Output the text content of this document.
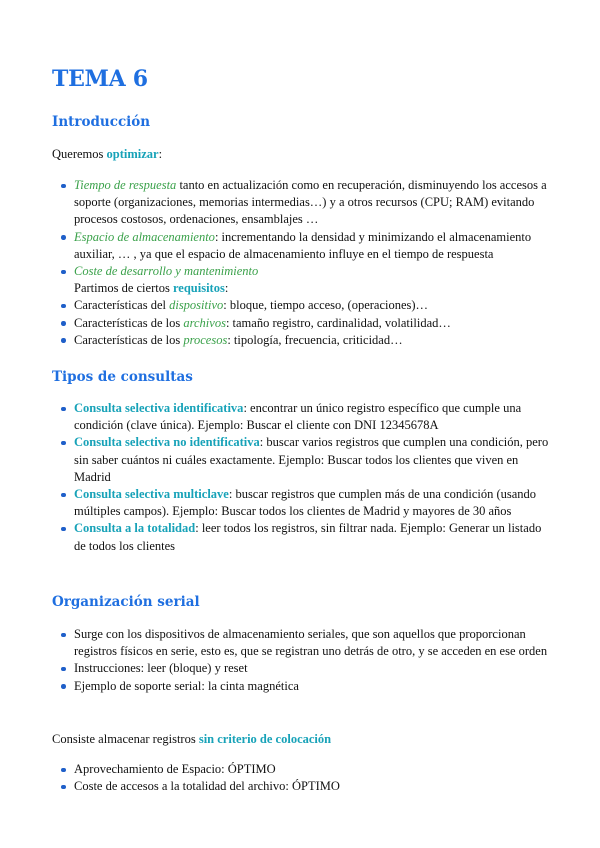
TEMA 6
Introducción

Queremos optimizar:

Tiempo de respuesta tanto en actualización como en recuperación, disminuyendo los accesos a soporte (organizaciones, memorias intermedias…) y a otros recursos (CPU; RAM) evitando procesos costosos, ordenaciones, ensamblajes …
Espacio de almacenamiento: incrementando la densidad y minimizando el almacenamiento auxiliar, … , ya que el espacio de almacenamiento influye en el tiempo de respuesta
Coste de desarrollo y mantenimiento
Partimos de ciertos requisitos:
Características del dispositivo: bloque, tiempo acceso, (operaciones)…
Características de los archivos: tamaño registro, cardinalidad, volatilidad…
Características de los procesos: tipología, frecuencia, criticidad…
Tipos de consultas
Consulta selectiva identificativa: encontrar un único registro específico que cumple una condición (clave única). Ejemplo: Buscar el cliente con DNI 12345678A
Consulta selectiva no identificativa: buscar varios registros que cumplen una condición, pero sin saber cuántos ni cuáles exactamente. Ejemplo: Buscar todos los clientes que viven en Madrid
Consulta selectiva multiclave: buscar registros que cumplen más de una condición (usando múltiples campos). Ejemplo: Buscar todos los clientes de Madrid y mayores de 30 años
Consulta a la totalidad: leer todos los registros, sin filtrar nada. Ejemplo: Generar un listado de todos los clientes
Organización serial
Surge con los dispositivos de almacenamiento seriales, que son aquellos que proporcionan registros físicos en serie, esto es, que se registran uno detrás de otro, y se acceden en ese orden
Instrucciones: leer (bloque) y reset
Ejemplo de soporte serial: la cinta magnética

Consiste almacenar registros sin criterio de colocación

Aprovechamiento de Espacio: ÓPTIMO
Coste de accesos a la totalidad del archivo: ÓPTIMO
